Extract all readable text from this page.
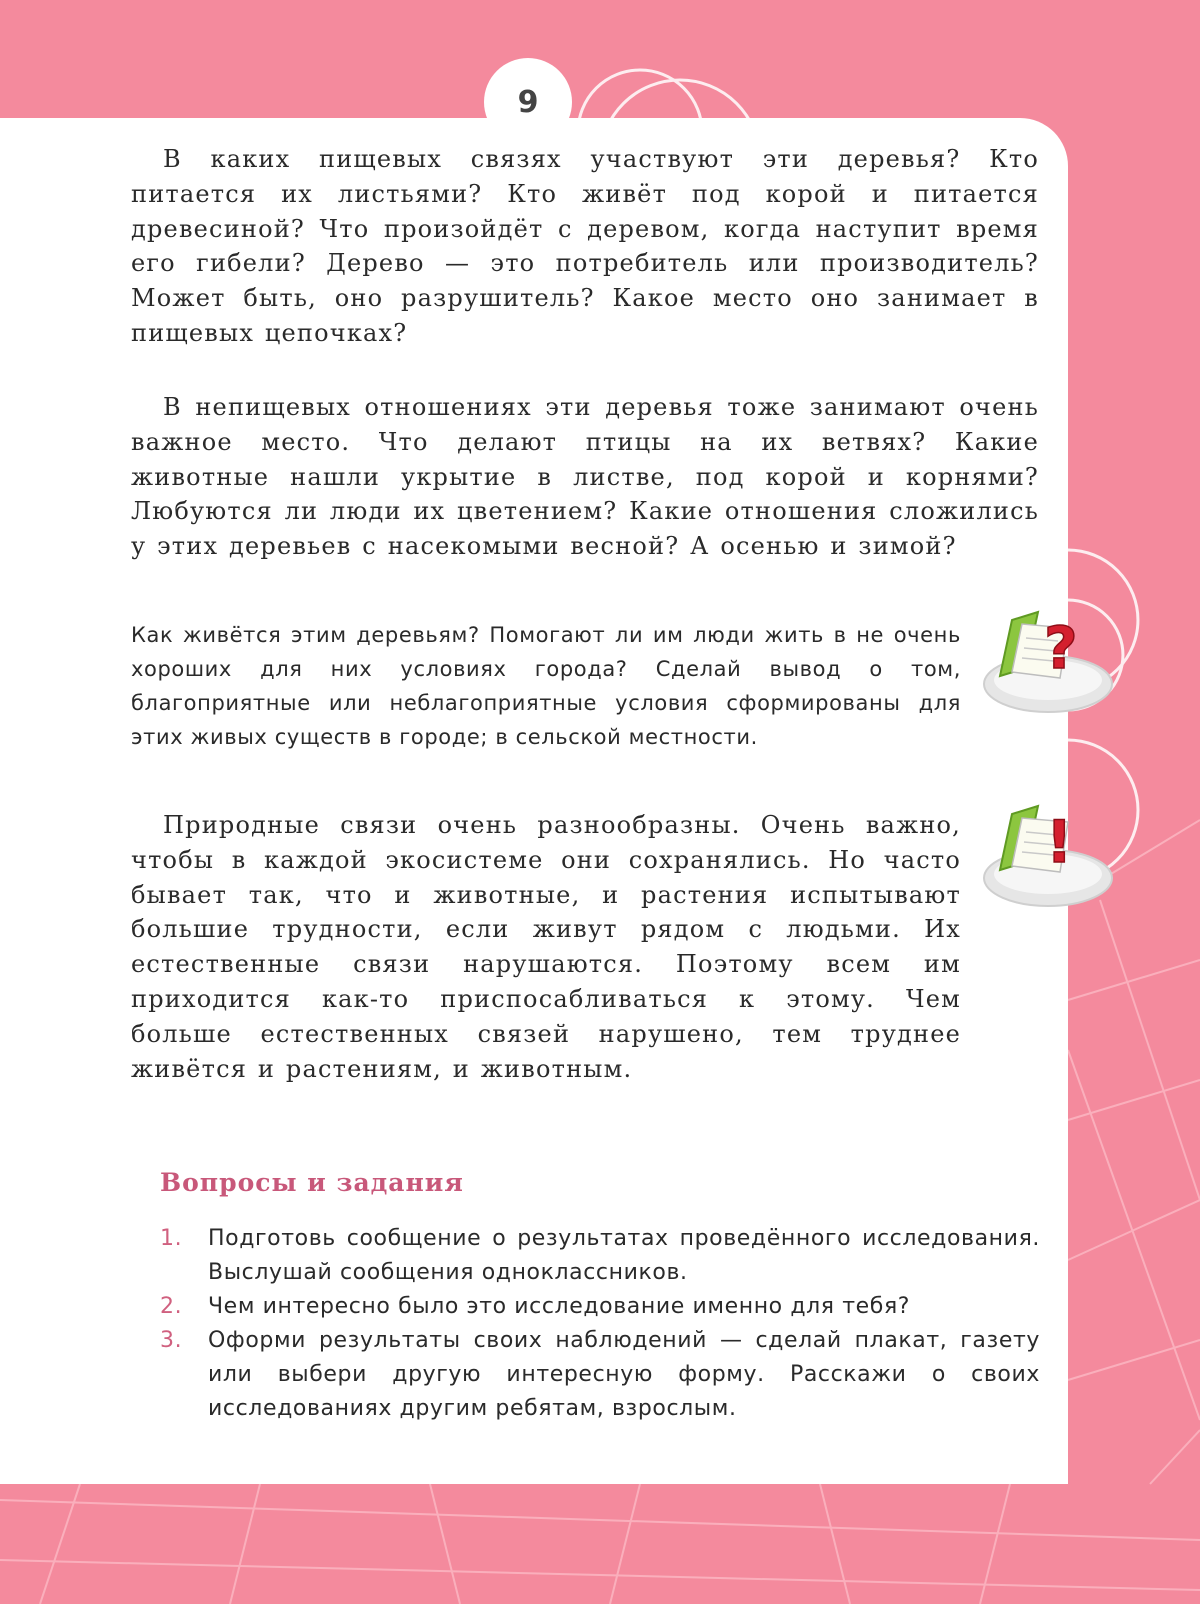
9

В каких пищевых связях участвуют эти деревья? Кто питается их листьями? Кто живёт под корой и питается древесиной? Что произойдёт с деревом, когда наступит время его гибели? Дерево — это потребитель или производитель? Может быть, оно разрушитель? Какое место оно занимает в пищевых цепочках?

В непищевых отношениях эти деревья тоже занимают очень важное место. Что делают птицы на их ветвях? Какие животные нашли укрытие в листве, под корой и корнями? Любуются ли люди их цветением? Какие отношения сложились у этих деревьев с насекомыми весной? А осенью и зимой?

Как живётся этим деревьям? Помогают ли им люди жить в не очень хороших для них условиях города? Сделай вывод о том, благоприятные или неблагоприятные условия сформированы для этих живых существ в городе; в сельской местности.

Природные связи очень разнообразны. Очень важно, чтобы в каждой экосистеме они сохранялись. Но часто бывает так, что и животные, и растения испытывают большие трудности, если живут рядом с людьми. Их естественные связи нарушаются. Поэтому всем им приходится как-то приспосабливаться к этому. Чем больше естественных связей нарушено, тем труднее живётся и растениям, и животным.

?
!
Вопросы и задания
1.	Подготовь сообщение о результатах проведённого исследования. Выслушай сообщения одноклассников.
2.	Чем интересно было это исследование именно для тебя?
3.	Оформи результаты своих наблюдений — сделай плакат, газету или выбери другую интересную форму. Расскажи о своих исследованиях другим ребятам, взрослым.
